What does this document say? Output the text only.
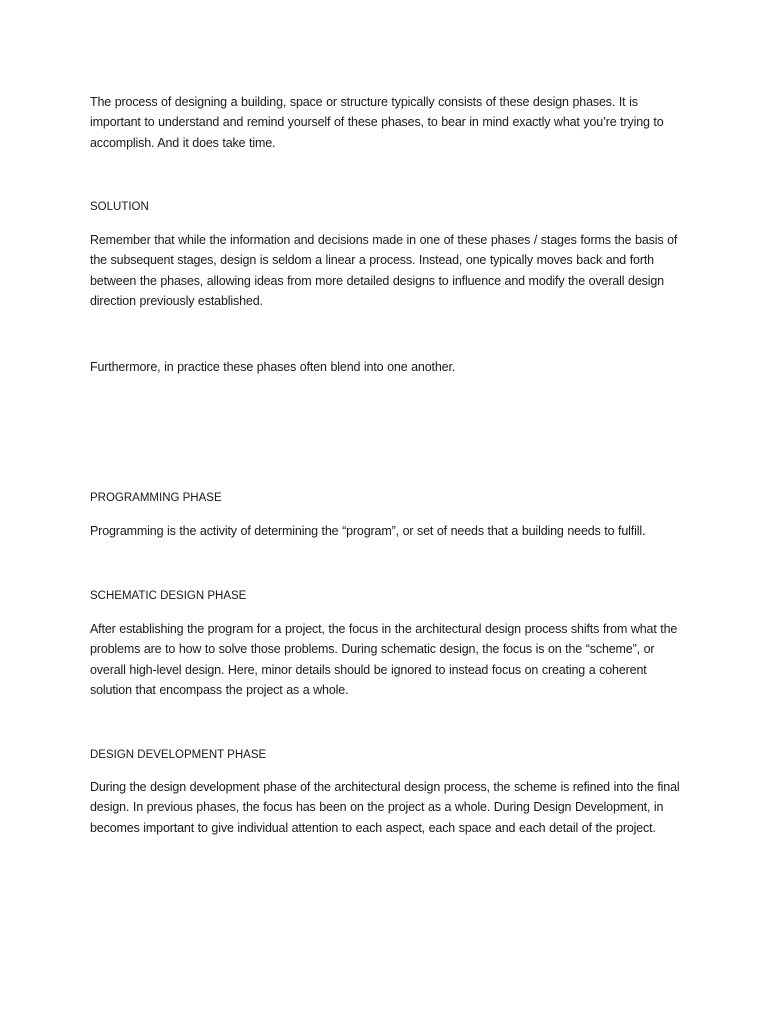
The process of designing a building, space or structure typically consists of these design phases. It is important to understand and remind yourself of these phases, to bear in mind exactly what you’re trying to accomplish. And it does take time.

SOLUTION

Remember that while the information and decisions made in one of these phases / stages forms the basis of the subsequent stages, design is seldom a linear a process. Instead, one typically moves back and forth between the phases, allowing ideas from more detailed designs to influence and modify the overall design direction previously established.

Furthermore, in practice these phases often blend into one another.

PROGRAMMING PHASE

Programming is the activity of determining the “program”, or set of needs that a building needs to fulfill.

SCHEMATIC DESIGN PHASE

After establishing the program for a project, the focus in the architectural design process shifts from what the problems are to how to solve those problems. During schematic design, the focus is on the “scheme”, or overall high-level design. Here, minor details should be ignored to instead focus on creating a coherent solution that encompass the project as a whole.

DESIGN DEVELOPMENT PHASE

During the design development phase of the architectural design process, the scheme is refined into the final design. In previous phases, the focus has been on the project as a whole. During Design Development, in becomes important to give individual attention to each aspect, each space and each detail of the project.
